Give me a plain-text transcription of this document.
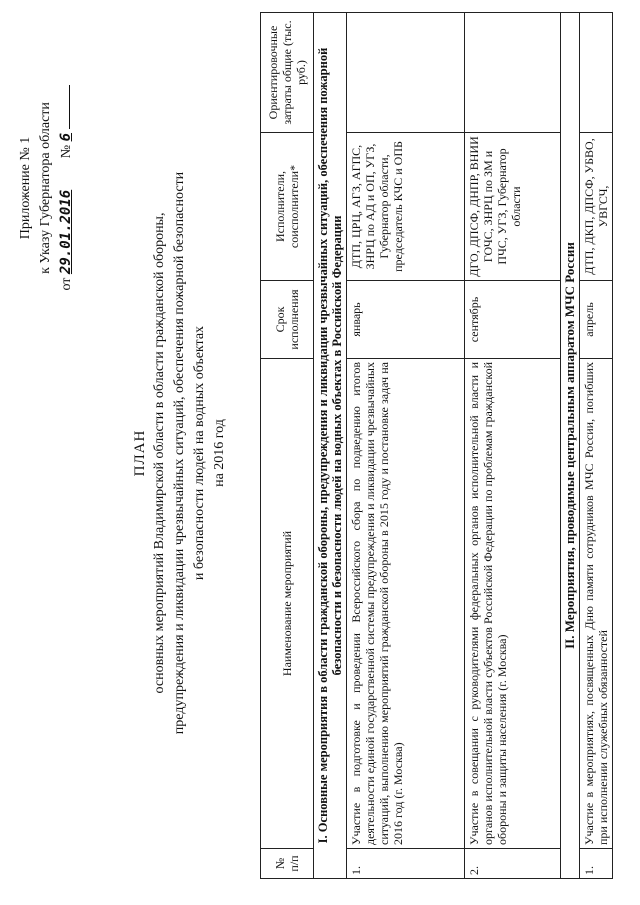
Приложение № 1 к Указу Губернатора области
от 29.01.2016         № 6
ПЛАН основных мероприятий Владимирской области в области гражданской обороны, предупреждения и ликвидации чрезвычайных ситуаций, обеспечения пожарной безопасности и безопасности людей на водных объектах на 2016 год
№ п/п	Наименование мероприятий	Срок исполнения	Исполнители, соисполнители*	Ориентировочные затраты общие (тыс. руб.)
I. Основные мероприятия в области гражданской обороны, предупреждения и ликвидации чрезвычайных ситуаций, обеспечения пожарной безопасности и безопасности людей на водных объектах в Российской Федерации				
1.	Участие в подготовке и проведении Всероссийского сбора по подведению итогов деятельности единой государственной системы предупреждения и ликвидации чрезвычайных ситуаций, выполнению мероприятий гражданской обороны в 2015 году и постановке задач на 2016 год (г. Москва)	январь	ДТП, ЦРЦ, АГЗ, АГПС, ЗНРЦ по АД и ОП, УГЗ, Губернатор области, председатель КЧС и ОПБ	
2.	Участие в совещании с руководителями федеральных органов исполнительной власти и органов исполнительной власти субъектов Российской Федерации по проблемам гражданской обороны и защиты населения (г. Москва)	сентябрь	ДГО, ДПСФ, ДНПР, ВНИИ ГОЧС, ЗНРЦ по ЗМ и ПЧС, УГЗ, Губернатор области	
II. Мероприятия, проводимые центральным аппаратом МЧС России				
1.	Участие в мероприятиях, посвященных Дню памяти сотрудников МЧС России, погибших при исполнении служебных обязанностей	апрель	ДТП, ДКП, ДПСФ, УБВО, УВГСЧ,	
